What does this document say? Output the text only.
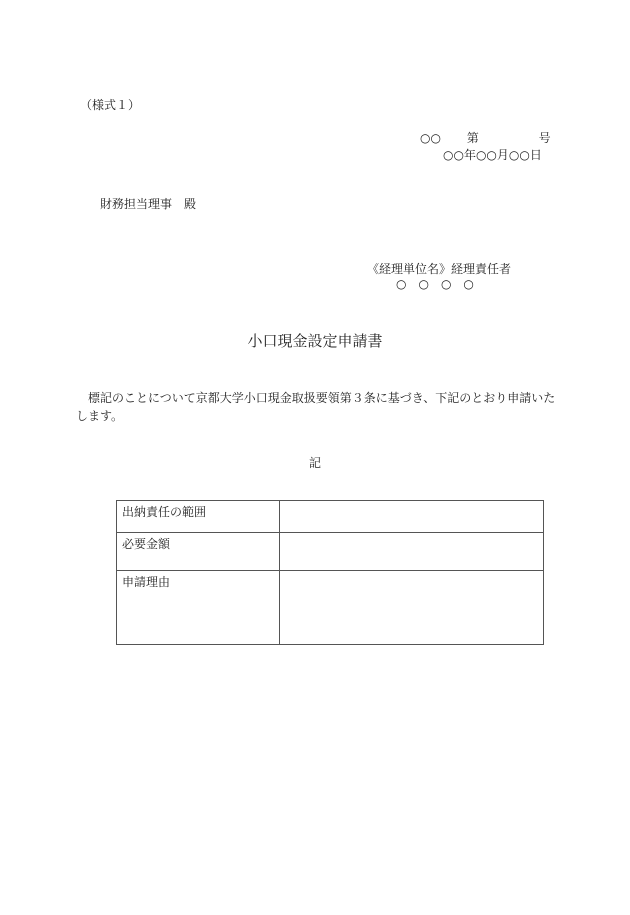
（様式１）
○○ 第	号
○○年○○月○○日
財務担当理事　殿
《経理単位名》経理責任者
○　○　○　○
小口現金設定申請書
標記のことについて京都大学小口現金取扱要領第３条に基づき、下記のとおり申請いたします。
記
出納責任の範囲	
必要金額	
申請理由	
